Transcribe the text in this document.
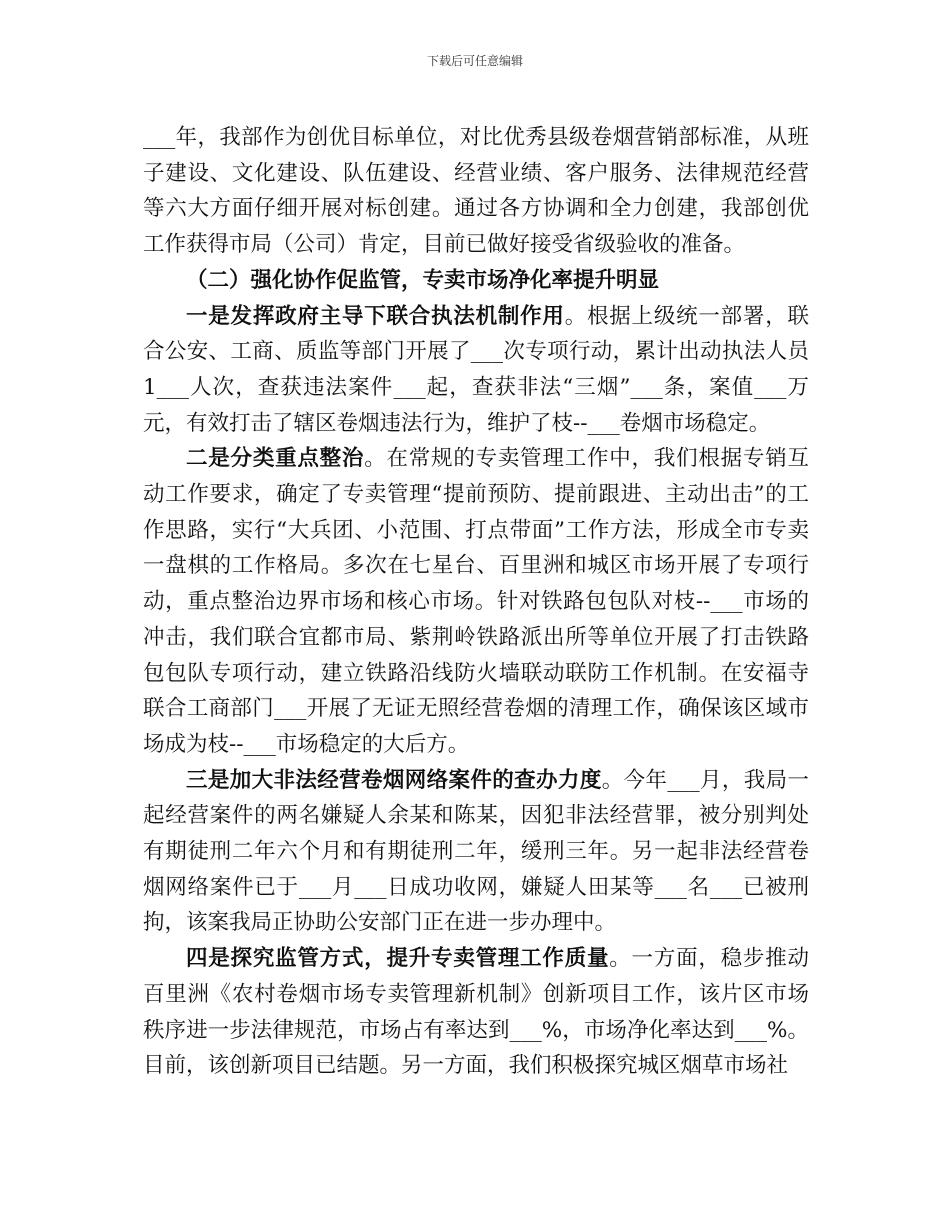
下载后可任意编辑

___年，我部作为创优目标单位，对比优秀县级卷烟营销部标准，从班子建设、文化建设、队伍建设、经营业绩、客户服务、法律规范经营等六大方面仔细开展对标创建。通过各方协调和全力创建，我部创优工作获得市局（公司）肯定，目前已做好接受省级验收的准备。

（二）强化协作促监管，专卖市场净化率提升明显

一是发挥政府主导下联合执法机制作用。根据上级统一部署，联合公安、工商、质监等部门开展了___次专项行动，累计出动执法人员1___人次，查获违法案件___起，查获非法“三烟”___条，案值___万元，有效打击了辖区卷烟违法行为，维护了枝--___卷烟市场稳定。

二是分类重点整治。在常规的专卖管理工作中，我们根据专销互动工作要求，确定了专卖管理“提前预防、提前跟进、主动出击”的工作思路，实行“大兵团、小范围、打点带面”工作方法，形成全市专卖一盘棋的工作格局。多次在七星台、百里洲和城区市场开展了专项行动，重点整治边界市场和核心市场。针对铁路包包队对枝--___市场的冲击，我们联合宜都市局、紫荆岭铁路派出所等单位开展了打击铁路包包队专项行动，建立铁路沿线防火墙联动联防工作机制。在安福寺联合工商部门___开展了无证无照经营卷烟的清理工作，确保该区域市场成为枝--___市场稳定的大后方。

三是加大非法经营卷烟网络案件的查办力度。今年___月，我局一起经营案件的两名嫌疑人余某和陈某，因犯非法经营罪，被分别判处有期徒刑二年六个月和有期徒刑二年，缓刑三年。另一起非法经营卷烟网络案件已于___月___日成功收网，嫌疑人田某等___名___已被刑拘，该案我局正协助公安部门正在进一步办理中。

四是探究监管方式，提升专卖管理工作质量。一方面，稳步推动百里洲《农村卷烟市场专卖管理新机制》创新项目工作，该片区市场秩序进一步法律规范，市场占有率达到___%，市场净化率达到___%。目前，该创新项目已结题。另一方面，我们积极探究城区烟草市场社
